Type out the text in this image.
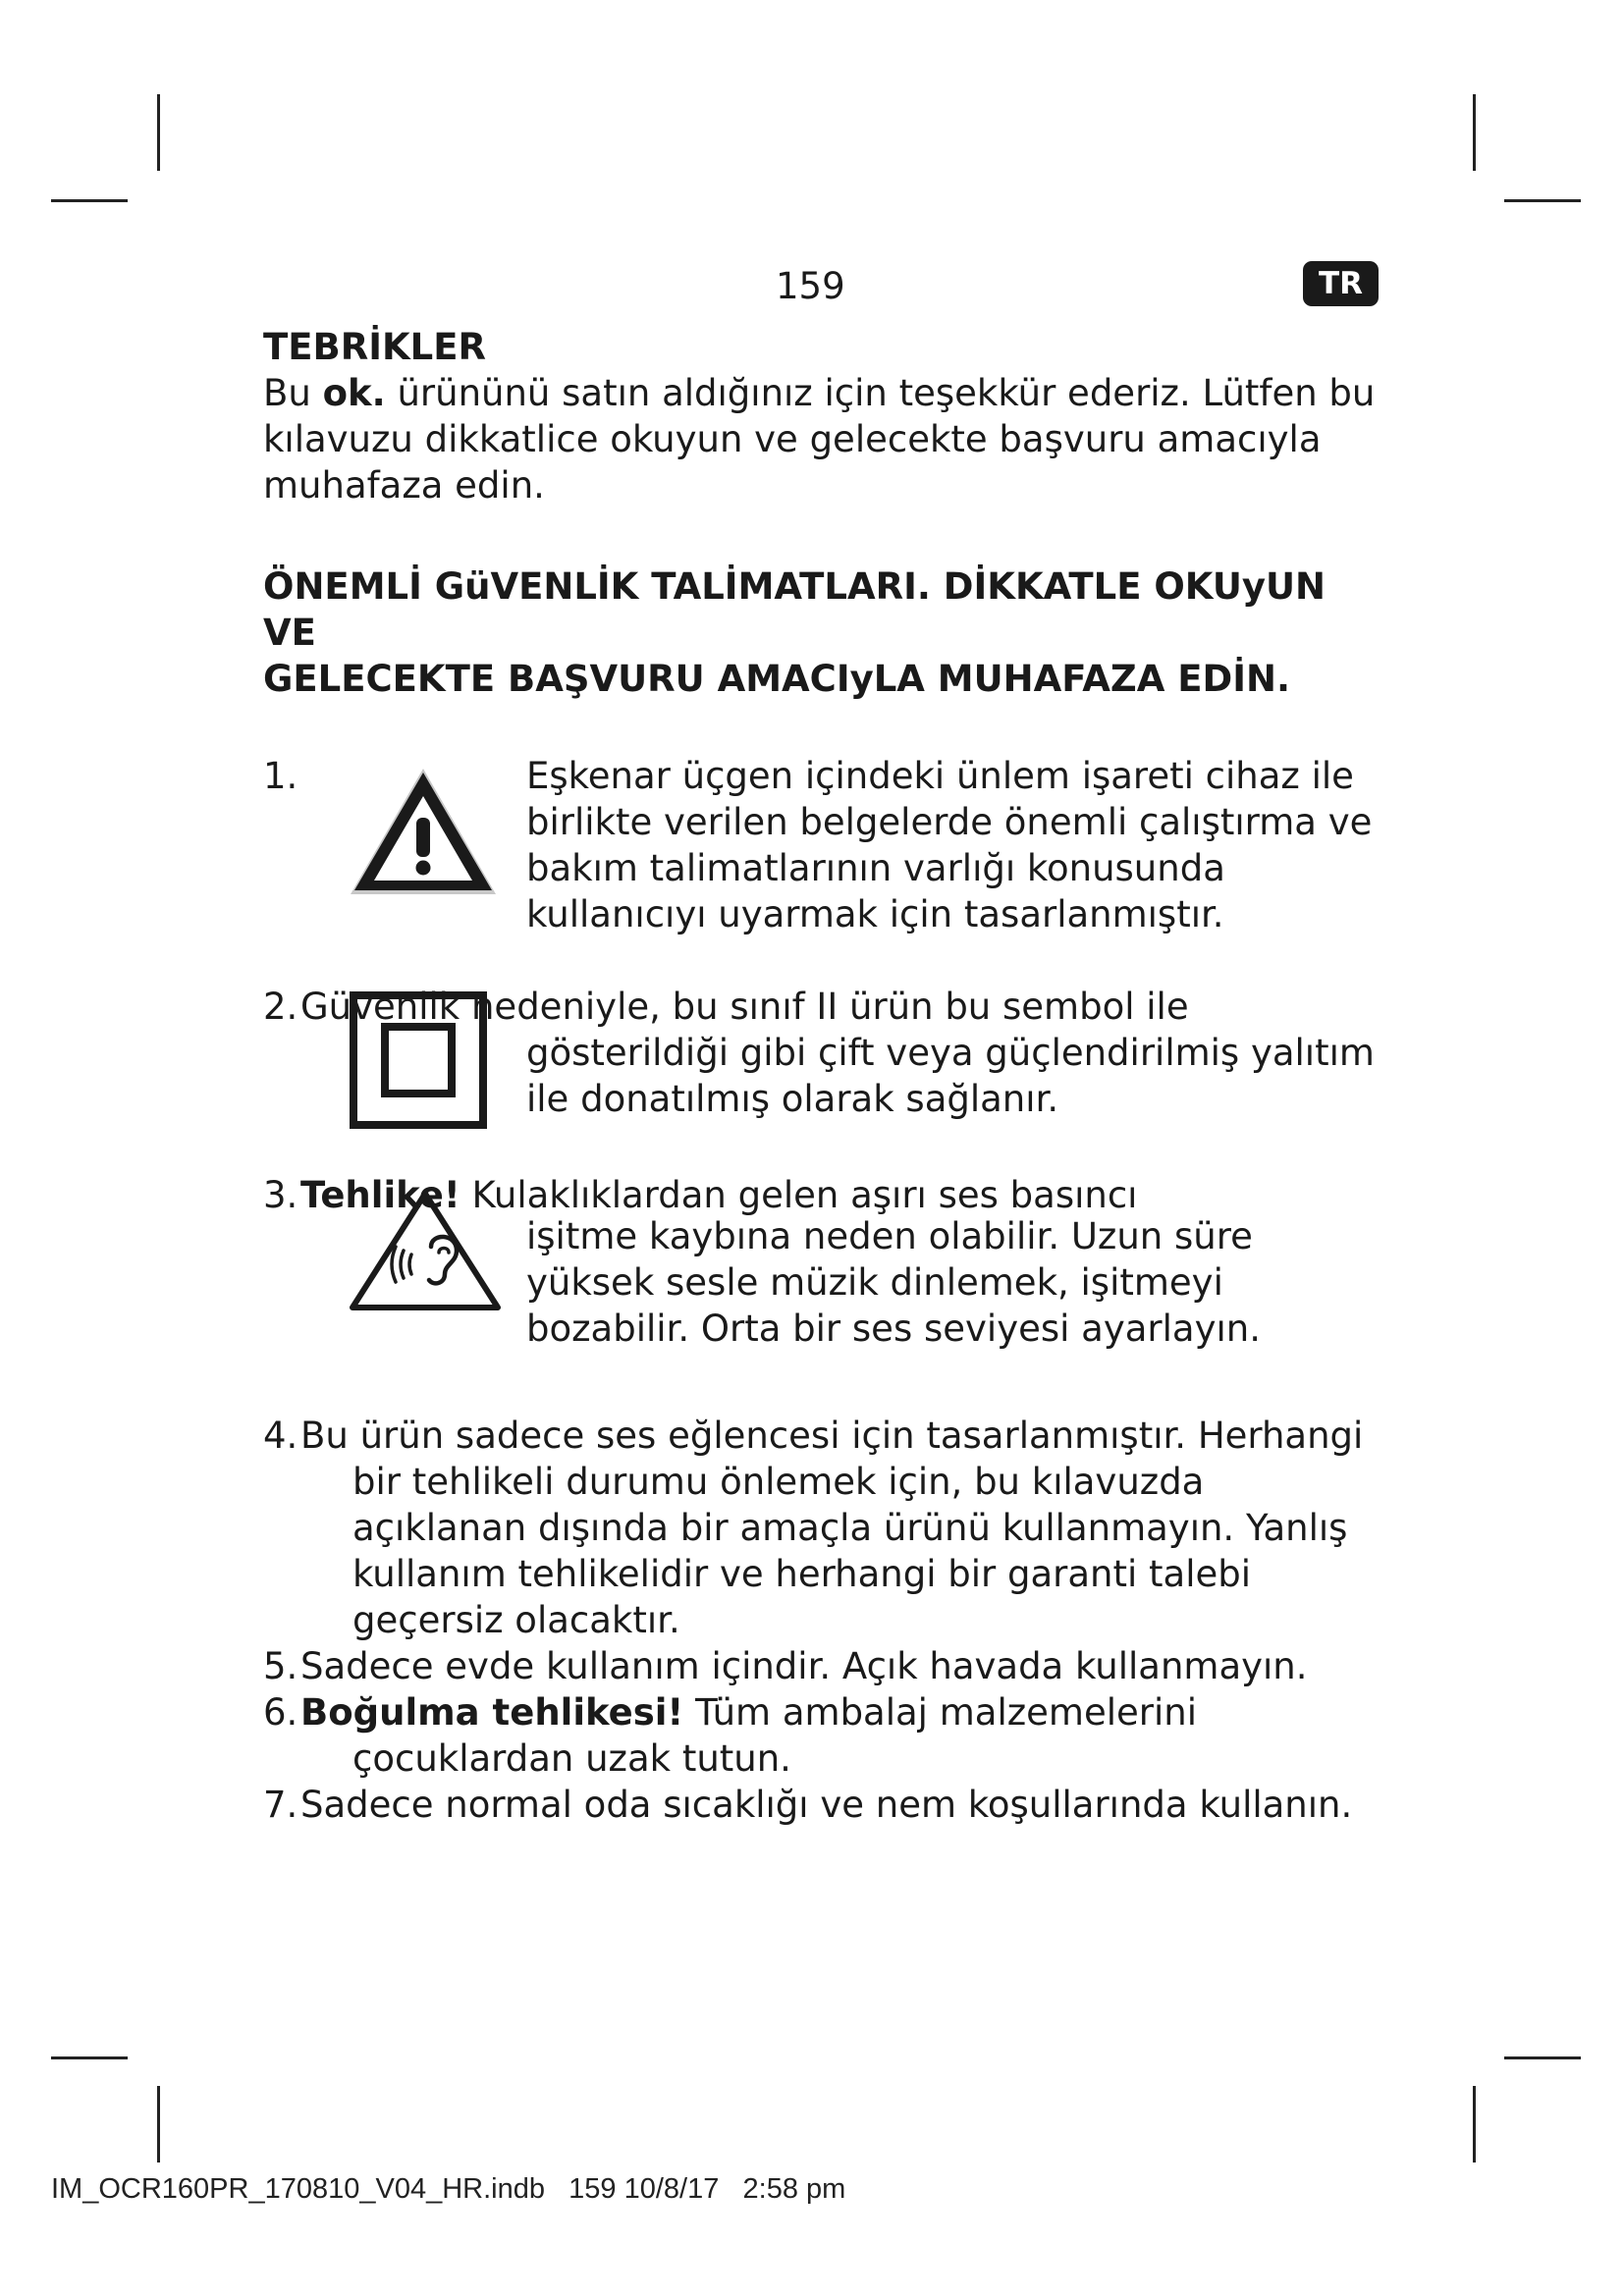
159	TR
TEBRİKLER

Bu ok. ürününü satın aldığınız için teşekkür ederiz. Lütfen bu

kılavuzu dikkatlice okuyun ve gelecekte başvuru amacıyla

muhafaza edin.

ÖNEMLİ GüVENLİK TALİMATLARI. DİKKATLE OKUyUN VE
GELECEKTE BAŞVURU AMACIyLA MUHAFAZA EDİN.
1.	Eşkenar üçgen içindeki ünlem işareti cihaz ile birlikte verilen belgelerde önemli çalıştırma ve bakım talimatlarının varlığı konusunda kullanıcıyı uyarmak için tasarlanmıştır.
2. Güvenlik nedeniyle, bu sınıf II ürün bu sembol ile
gösterildiği gibi çift veya güçlendirilmiş yalıtım ile donatılmış olarak sağlanır.
3. Tehlike! Kulaklıklardan gelen aşırı ses basıncı
işitme kaybına neden olabilir. Uzun süre yüksek sesle müzik dinlemek, işitmeyi bozabilir. Orta bir ses seviyesi ayarlayın.
4. Bu ürün sadece ses eğlencesi için tasarlanmıştır. Herhangi
bir tehlikeli durumu önlemek için, bu kılavuzda açıklanan dışında bir amaçla ürünü kullanmayın. Yanlış kullanım tehlikelidir ve herhangi bir garanti talebi geçersiz olacaktır.
5. Sadece evde kullanım içindir. Açık havada kullanmayın.
6. Boğulma tehlikesi! Tüm ambalaj malzemelerini
çocuklardan uzak tutun.
7. Sadece normal oda sıcaklığı ve nem koşullarında kullanın.
IM_OCR160PR_170810_V04_HR.indb 159 10/8/17 2:58 pm
